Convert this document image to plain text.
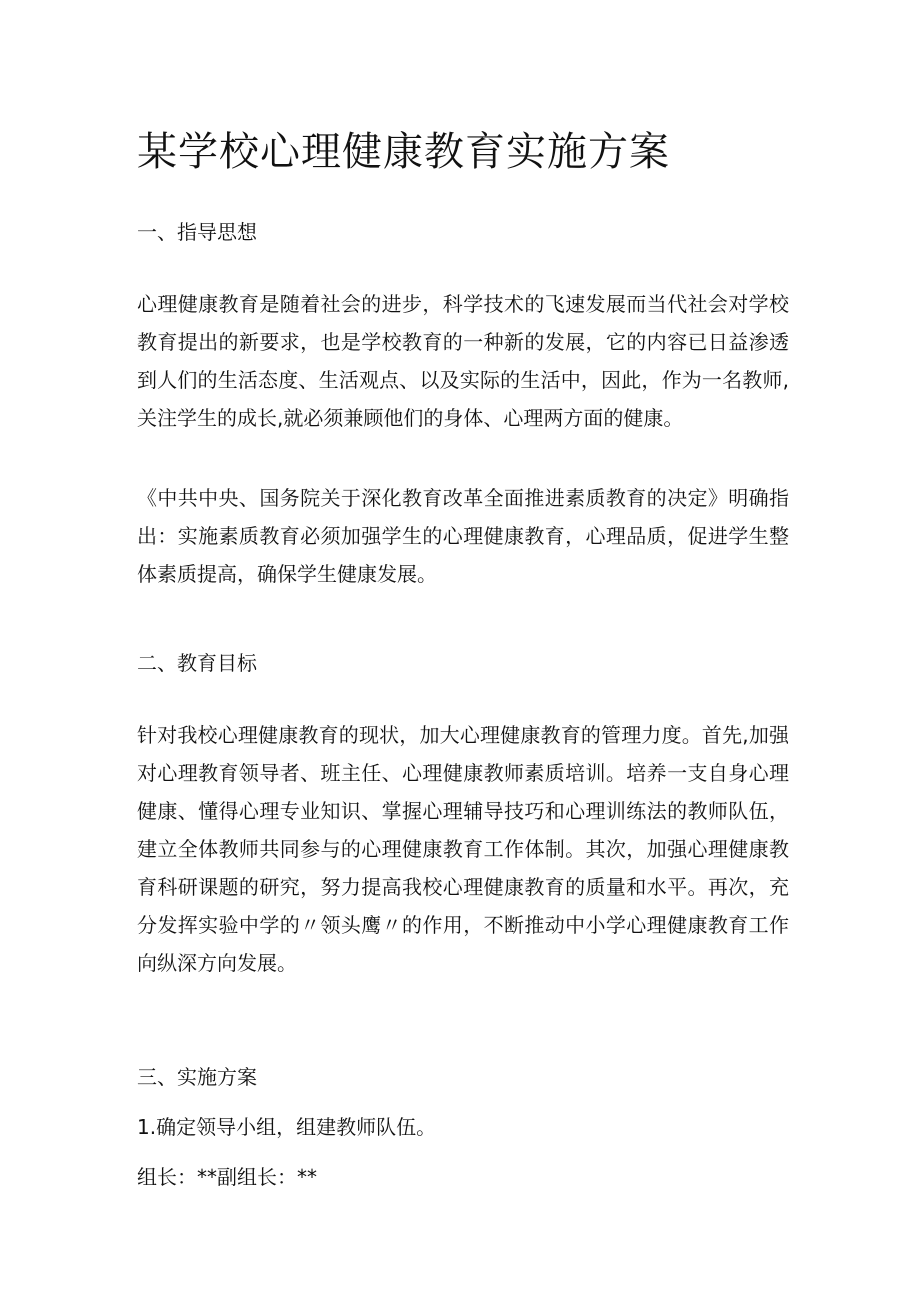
某学校心理健康教育实施方案
一、指导思想

心理健康教育是随着社会的进步，科学技术的飞速发展而当代社会对学校教育提出的新要求，也是学校教育的一种新的发展，它的内容已日益渗透到人们的生活态度、生活观点、以及实际的生活中，因此，作为一名教师,关注学生的成长,就必须兼顾他们的身体、心理两方面的健康。

《中共中央、国务院关于深化教育改革全面推进素质教育的决定》明确指出：实施素质教育必须加强学生的心理健康教育，心理品质，促进学生整体素质提高，确保学生健康发展。

二、教育目标

针对我校心理健康教育的现状，加大心理健康教育的管理力度。首先,加强对心理教育领导者、班主任、心理健康教师素质培训。培养一支自身心理健康、懂得心理专业知识、掌握心理辅导技巧和心理训练法的教师队伍，建立全体教师共同参与的心理健康教育工作体制。其次，加强心理健康教育科研课题的研究，努力提高我校心理健康教育的质量和水平。再次，充分发挥实验中学的〃领头鹰〃的作用，不断推动中小学心理健康教育工作向纵深方向发展。

三、实施方案

1.确定领导小组，组建教师队伍。

组长：**副组长：**
